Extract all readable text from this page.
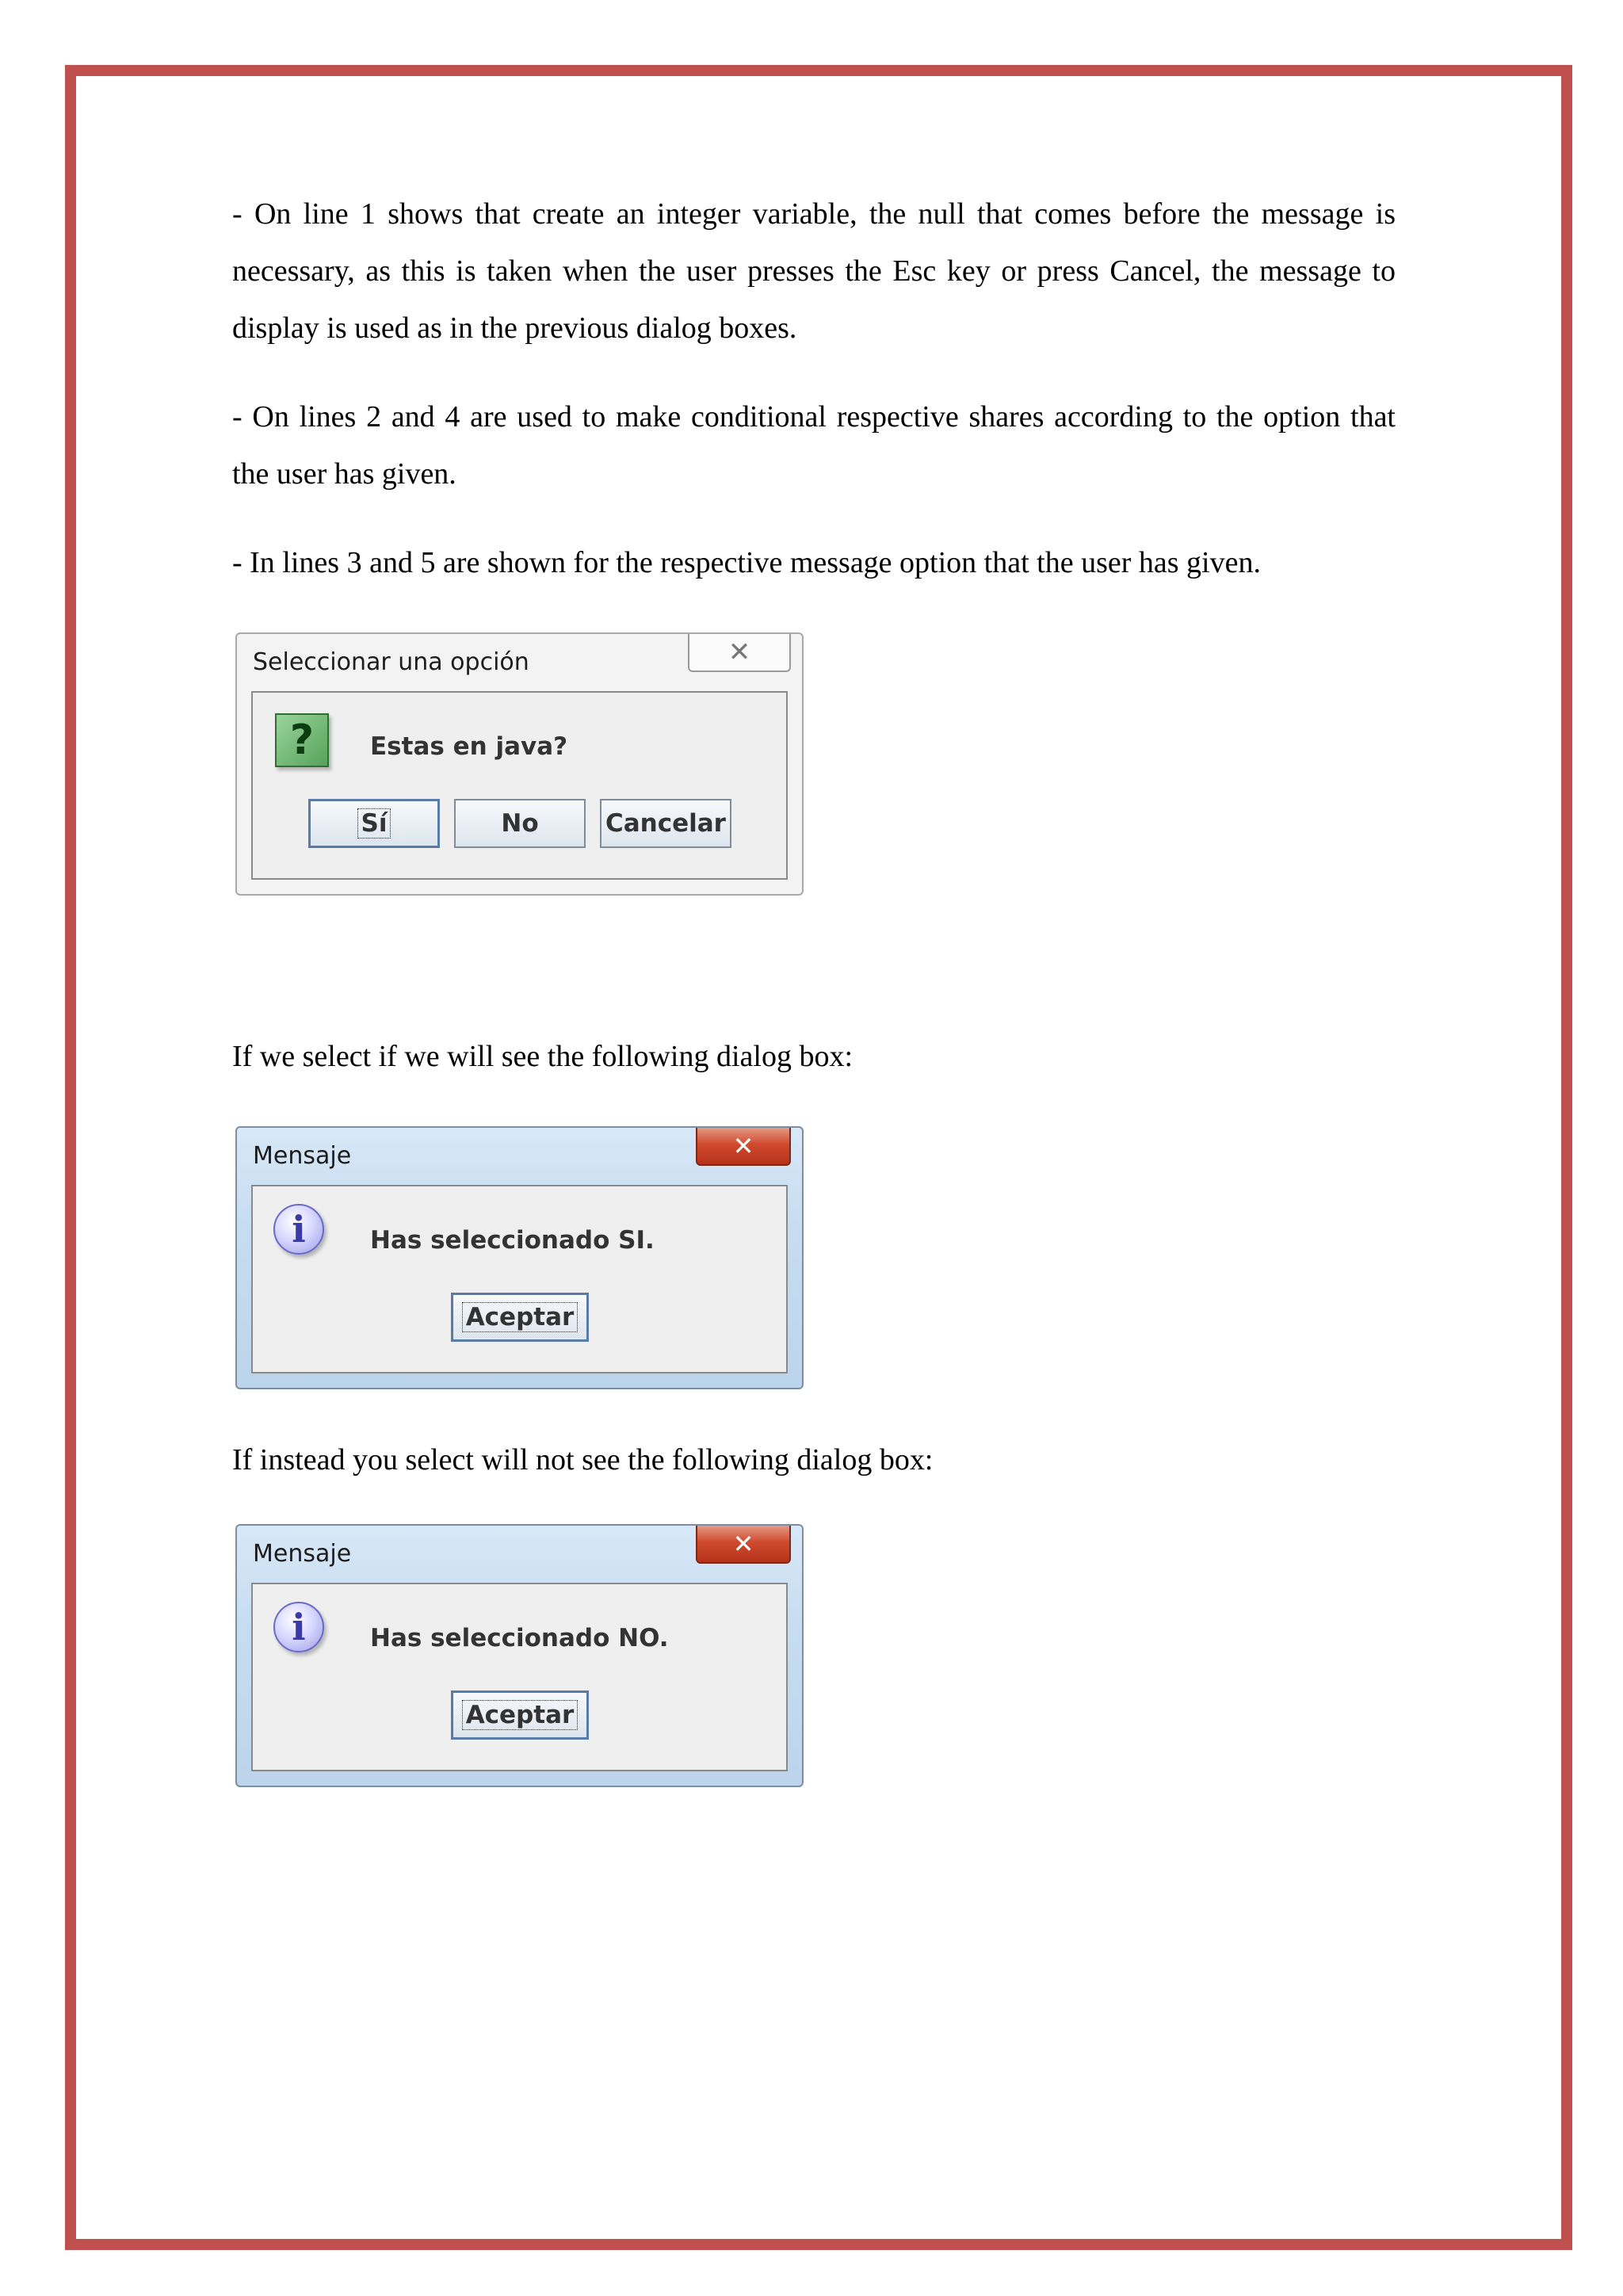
- On line 1 shows that create an integer variable, the null that comes before the message is necessary, as this is taken when the user presses the Esc key or press Cancel, the message to display is used as in the previous dialog boxes.

- On lines 2 and 4 are used to make conditional respective shares according to the option that the user has given.

- In lines 3 and 5 are shown for the respective message option that the user has given.

Seleccionar una opción	✕
?	Estas en java?
Sí	No	Cancelar

If we select if we will see the following dialog box:

Mensaje	✕
i	Has seleccionado SI.
Aceptar

If instead you select will not see the following dialog box:

Mensaje	✕
i	Has seleccionado NO.
Aceptar
